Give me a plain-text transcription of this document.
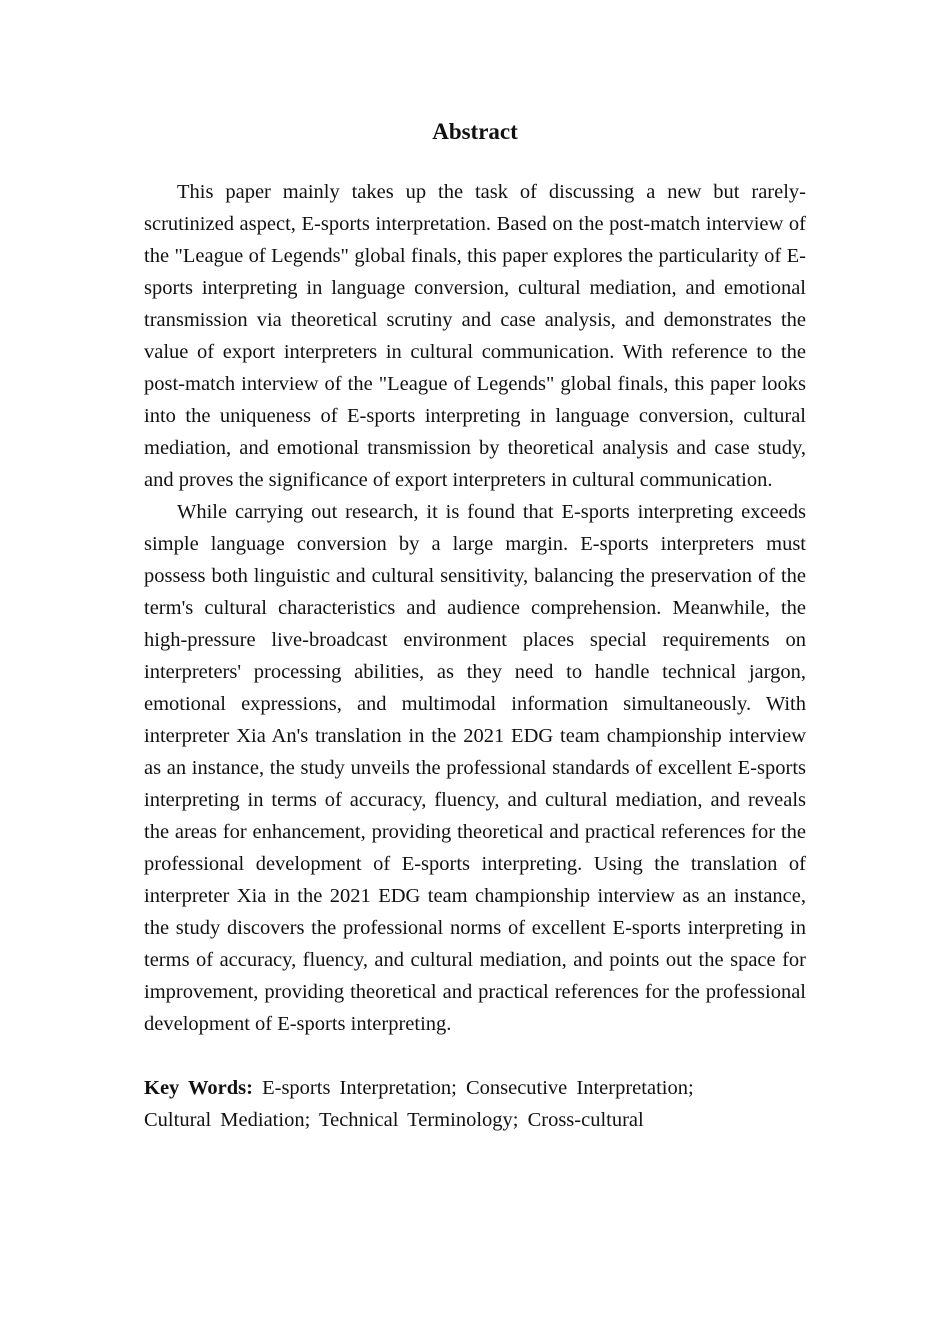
Abstract

This paper mainly takes up the task of discussing a new but rarely-scrutinized aspect, E-sports interpretation. Based on the post-match interview of the "League of Legends" global finals, this paper explores the particularity of E-sports interpreting in language conversion, cultural mediation, and emotional transmission via theoretical scrutiny and case analysis, and demonstrates the value of export interpreters in cultural communication. With reference to the post-match interview of the "League of Legends" global finals, this paper looks into the uniqueness of E-sports interpreting in language conversion, cultural mediation, and emotional transmission by theoretical analysis and case study, and proves the significance of export interpreters in cultural communication.

While carrying out research, it is found that E-sports interpreting exceeds simple language conversion by a large margin. E-sports interpreters must possess both linguistic and cultural sensitivity, balancing the preservation of the term's cultural characteristics and audience comprehension. Meanwhile, the high-pressure live-broadcast environment places special requirements on interpreters' processing abilities, as they need to handle technical jargon, emotional expressions, and multimodal information simultaneously. With interpreter Xia An's translation in the 2021 EDG team championship interview as an instance, the study unveils the professional standards of excellent E-sports interpreting in terms of accuracy, fluency, and cultural mediation, and reveals the areas for enhancement, providing theoretical and practical references for the professional development of E-sports interpreting. Using the translation of interpreter Xia in the 2021 EDG team championship interview as an instance, the study discovers the professional norms of excellent E-sports interpreting in terms of accuracy, fluency, and cultural mediation, and points out the space for improvement, providing theoretical and practical references for the professional development of E-sports interpreting.

Key Words: E-sports Interpretation; Consecutive Interpretation; Cultural Mediation; Technical Terminology; Cross-cultural
